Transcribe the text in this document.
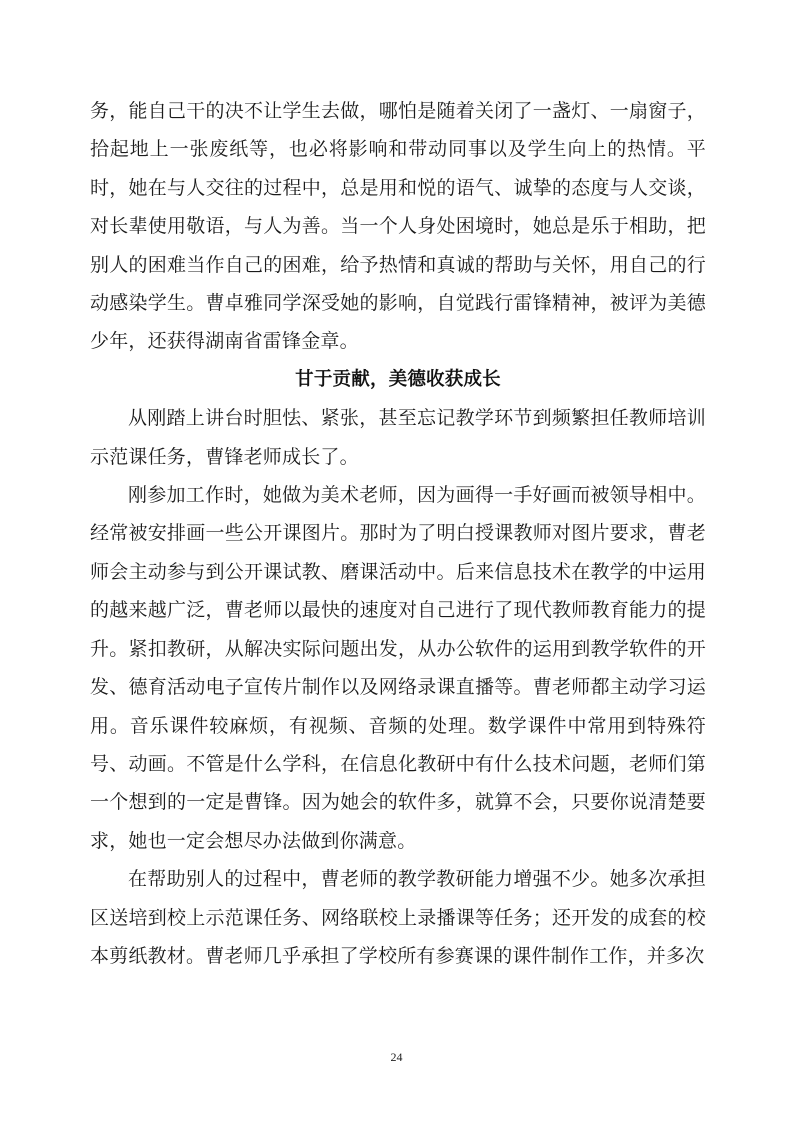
务，能自己干的决不让学生去做，哪怕是随着关闭了一盏灯、一扇窗子，拾起地上一张废纸等，也必将影响和带动同事以及学生向上的热情。平时，她在与人交往的过程中，总是用和悦的语气、诚挚的态度与人交谈，对长辈使用敬语，与人为善。当一个人身处困境时，她总是乐于相助，把别人的困难当作自己的困难，给予热情和真诚的帮助与关怀，用自己的行动感染学生。曹卓雅同学深受她的影响，自觉践行雷锋精神，被评为美德少年，还获得湖南省雷锋金章。

甘于贡献，美德收获成长

从刚踏上讲台时胆怯、紧张，甚至忘记教学环节到频繁担任教师培训示范课任务，曹锋老师成长了。

刚参加工作时，她做为美术老师，因为画得一手好画而被领导相中。经常被安排画一些公开课图片。那时为了明白授课教师对图片要求，曹老师会主动参与到公开课试教、磨课活动中。后来信息技术在教学的中运用的越来越广泛，曹老师以最快的速度对自己进行了现代教师教育能力的提升。紧扣教研，从解决实际问题出发，从办公软件的运用到教学软件的开发、德育活动电子宣传片制作以及网络录课直播等。曹老师都主动学习运用。音乐课件较麻烦，有视频、音频的处理。数学课件中常用到特殊符号、动画。不管是什么学科，在信息化教研中有什么技术问题，老师们第一个想到的一定是曹锋。因为她会的软件多，就算不会，只要你说清楚要求，她也一定会想尽办法做到你满意。

在帮助别人的过程中，曹老师的教学教研能力增强不少。她多次承担区送培到校上示范课任务、网络联校上录播课等任务；还开发的成套的校本剪纸教材。曹老师几乎承担了学校所有参赛课的课件制作工作，并多次

24
